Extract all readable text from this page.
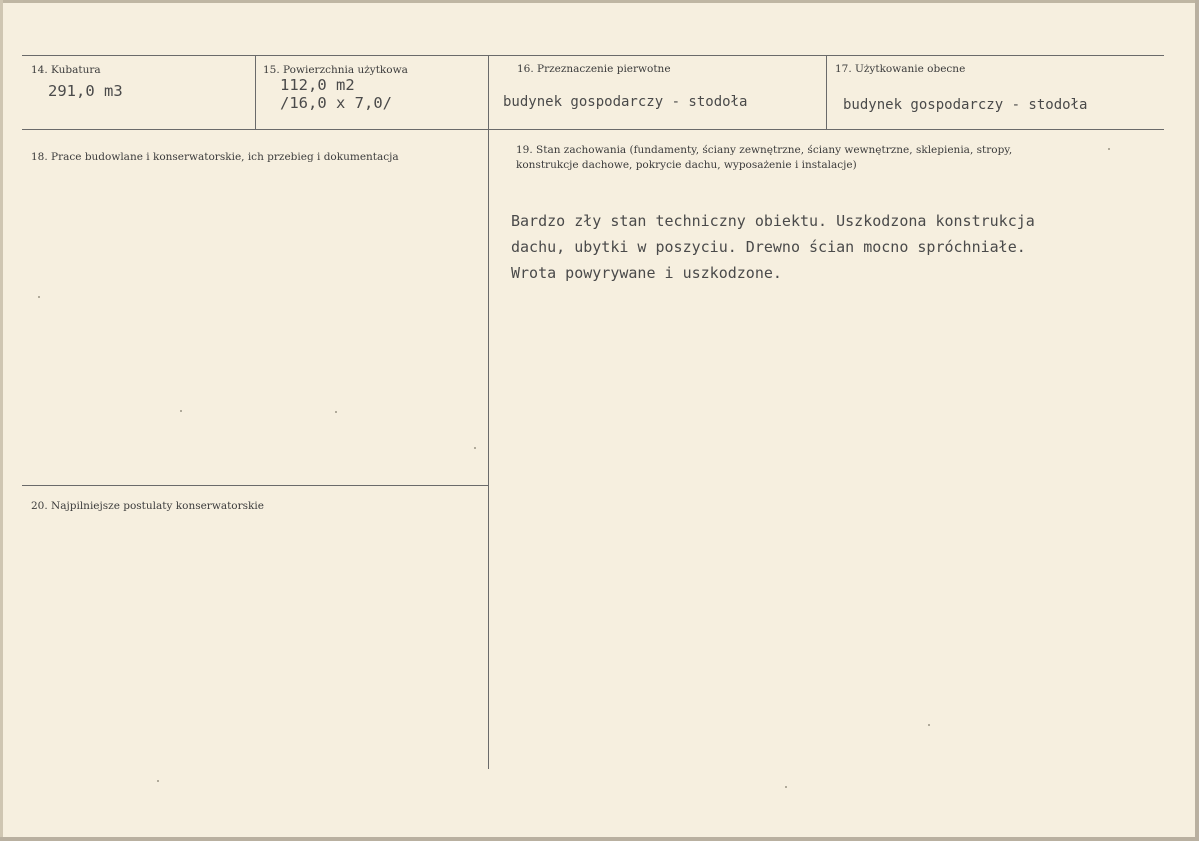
14. Kubatura
291,0 m3
15. Powierzchnia użytkowa
112,0 m2
/16,0 x 7,0/
16. Przeznaczenie pierwotne
budynek gospodarczy - stodoła
17. Użytkowanie obecne
budynek gospodarczy - stodoła
18. Prace budowlane i konserwatorskie, ich przebieg i dokumentacja
19. Stan zachowania (fundamenty, ściany zewnętrzne, ściany wewnętrzne, sklepienia, stropy,
konstrukcje dachowe, pokrycie dachu, wyposażenie i instalacje)
Bardzo zły stan techniczny obiektu. Uszkodzona konstrukcja
dachu, ubytki w poszyciu. Drewno ścian mocno spróchniałe.
Wrota powyrywane i uszkodzone.
20. Najpilniejsze postulaty konserwatorskie
